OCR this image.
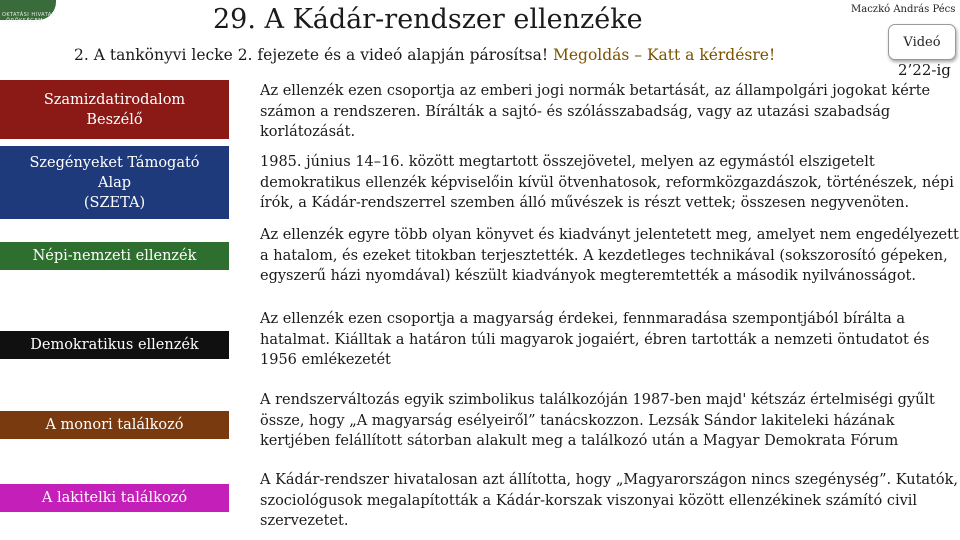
OKTATÁSI HIVATAL · ÖRÖKSÉGEM	29. A Kádár-rendszer ellenzéke	Maczkó András Pécs
Videó
2. A tankönyvi lecke 2. fejezete és a videó alapján párosítsa! Megoldás – Katt a kérdésre!
2’22-ig
Szamizdatirodalom
Beszélő
Szegényeket Támogató
Alap
(SZETA)
Népi-nemzeti ellenzék
Demokratikus ellenzék
A monori találkozó
A lakitelki találkozó
Az ellenzék ezen csoportja az emberi jogi normák betartását, az állampolgári jogokat kérte számon a rendszeren. Bírálták a sajtó- és szólásszabadság, vagy az utazási szabadság korlátozását.
1985. június 14–16. között megtartott összejövetel, melyen az egymástól elszigetelt demokratikus ellenzék képviselőin kívül ötvenhatosok, reformközgazdászok, történészek, népi írók, a Kádár-rendszerrel szemben álló művészek is részt vettek; összesen negyvenöten.
Az ellenzék egyre több olyan könyvet és kiadványt jelentetett meg, amelyet nem engedélyezett a hatalom, és ezeket titokban terjesztették. A kezdetleges technikával (sokszorosító gépeken, egyszerű házi nyomdával) készült kiadványok megteremtették a második nyilvánosságot.
Az ellenzék ezen csoportja a magyarság érdekei, fennmaradása szempontjából bírálta a hatalmat. Kiálltak a határon túli magyarok jogaiért, ébren tartották a nemzeti öntudatot és 1956 emlékezetét
A rendszerváltozás egyik szimbolikus találkozóján 1987-ben majd' kétszáz értelmiségi gyűlt össze, hogy „A magyarság esélyeiről” tanácskozzon. Lezsák Sándor lakiteleki házának kertjében felállított sátorban alakult meg a találkozó után a Magyar Demokrata Fórum
A Kádár-rendszer hivatalosan azt állította, hogy „Magyarországon nincs szegénység”. Kutatók, szociológusok megalapították a Kádár-korszak viszonyai között ellenzékinek számító civil szervezetet.
